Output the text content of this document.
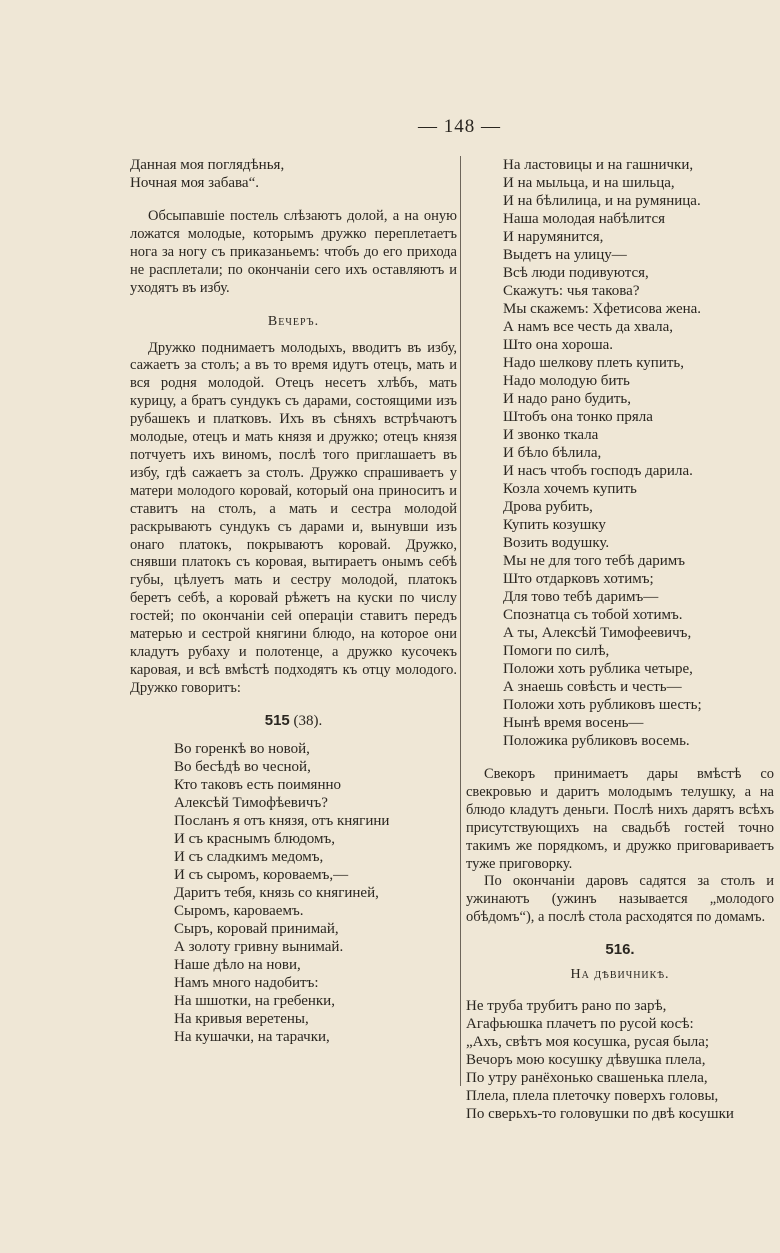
— 148 —
Данная моя поглядѣнья,
Ночная моя забава“.

Обсыпавшіе постель слѣзаютъ долой, а на оную ложатся молодые, которымъ дружко переплетаетъ нога за ногу съ приказаньемъ: чтобъ до его прихода не расплетали; по окончаніи сего ихъ оставляютъ и уходятъ въ избу.

Вечеръ.

Дружко поднимаетъ молодыхъ, вводитъ въ избу, сажаетъ за столъ; а въ то время идутъ отецъ, мать и вся родня молодой. Отецъ несетъ хлѣбъ, мать курицу, а братъ сундукъ съ дарами, состоящими изъ рубашекъ и платковъ. Ихъ въ сѣняхъ встрѣчаютъ молодые, отецъ и мать князя и дружко; отецъ князя потчуетъ ихъ виномъ, послѣ того приглашаетъ въ избу, гдѣ сажаетъ за столъ. Дружко спрашиваетъ у матери молодого коровай, который она приноситъ и ставитъ на столъ, а мать и сестра молодой раскрываютъ сундукъ съ дарами и, вынувши изъ онаго платокъ, покрываютъ коровай. Дружко, снявши платокъ съ коровая, вытираетъ онымъ себѣ губы, цѣлуетъ мать и сестру молодой, платокъ беретъ себѣ, а коровай рѣжетъ на куски по числу гостей; по окончаніи сей операціи ставитъ передъ матерью и сестрой княгини блюдо, на которое они кладутъ рубаху и полотенце, а дружко кусочекъ каровая, и всѣ вмѣстѣ подходятъ къ отцу молодого. Дружко говоритъ:

515 (38).
Во горенкѣ во новой,
Во бесѣдѣ во чесной,
Кто таковъ есть поимянно
Алексѣй Тимофѣевичъ?
Посланъ я отъ князя, отъ княгини
И съ краснымъ блюдомъ,
И съ сладкимъ медомъ,
И съ сыромъ, короваемъ,—
Даритъ тебя, князь со княгиней,
Сыромъ, кароваемъ.
Сыръ, коровай принимай,
А золоту гривну вынимай.
Наше дѣло на нови,
Намъ много надобитъ:
На шшотки, на гребенки,
На кривыя веретены,
На кушачки, на тарачки,
На ластовицы и на гашнички,
И на мыльца, и на шильца,
И на бѣлилица, и на румяница.
Наша молодая набѣлится
И нарумянится,
Выдетъ на улицу—
Всѣ люди подивуются,
Скажутъ: чья такова?
Мы скажемъ: Хфетисова жена.
А намъ все честь да хвала,
Што она хороша.
Надо шелкову плеть купить,
Надо молодую бить
И надо рано будить,
Штобъ она тонко пряла
И звонко ткала
И бѣло бѣлила,
И насъ чтобъ господъ дарила.
Козла хочемъ купить
Дрова рубить,
Купить козушку
Возить водушку.
Мы не для того тебѣ даримъ
Што отдарковъ хотимъ;
Для тово тебѣ даримъ—
Спознатца съ тобой хотимъ.
А ты, Алексѣй Тимофеевичъ,
Помоги по силѣ,
Положи хоть рублика четыре,
А знаешь совѣсть и честь—
Положи хоть рубликовъ шесть;
Нынѣ время восень—
Положика рубликовъ восемь.

Свекоръ принимаетъ дары вмѣстѣ со свекровью и даритъ молодымъ телушку, а на блюдо кладутъ деньги. Послѣ нихъ дарятъ всѣхъ присутствующихъ на свадьбѣ гостей точно такимъ же порядкомъ, и дружко приговариваетъ туже приговорку.

По окончаніи даровъ садятся за столъ и ужинаютъ (ужинъ называется „молодого обѣдомъ“), а послѣ стола расходятся по домамъ.

516.
На дѣвичникѣ.
Не труба трубитъ рано по зарѣ,
Агафьюшка плачетъ по русой косѣ:
„Ахъ, свѣтъ моя косушка, русая была;
Вечоръ мою косушку дѣвушка плела,
По утру ранёхонько свашенька плела,
Плела, плела плеточку поверхъ головы,
По сверьхъ-то головушки по двѣ косушки
